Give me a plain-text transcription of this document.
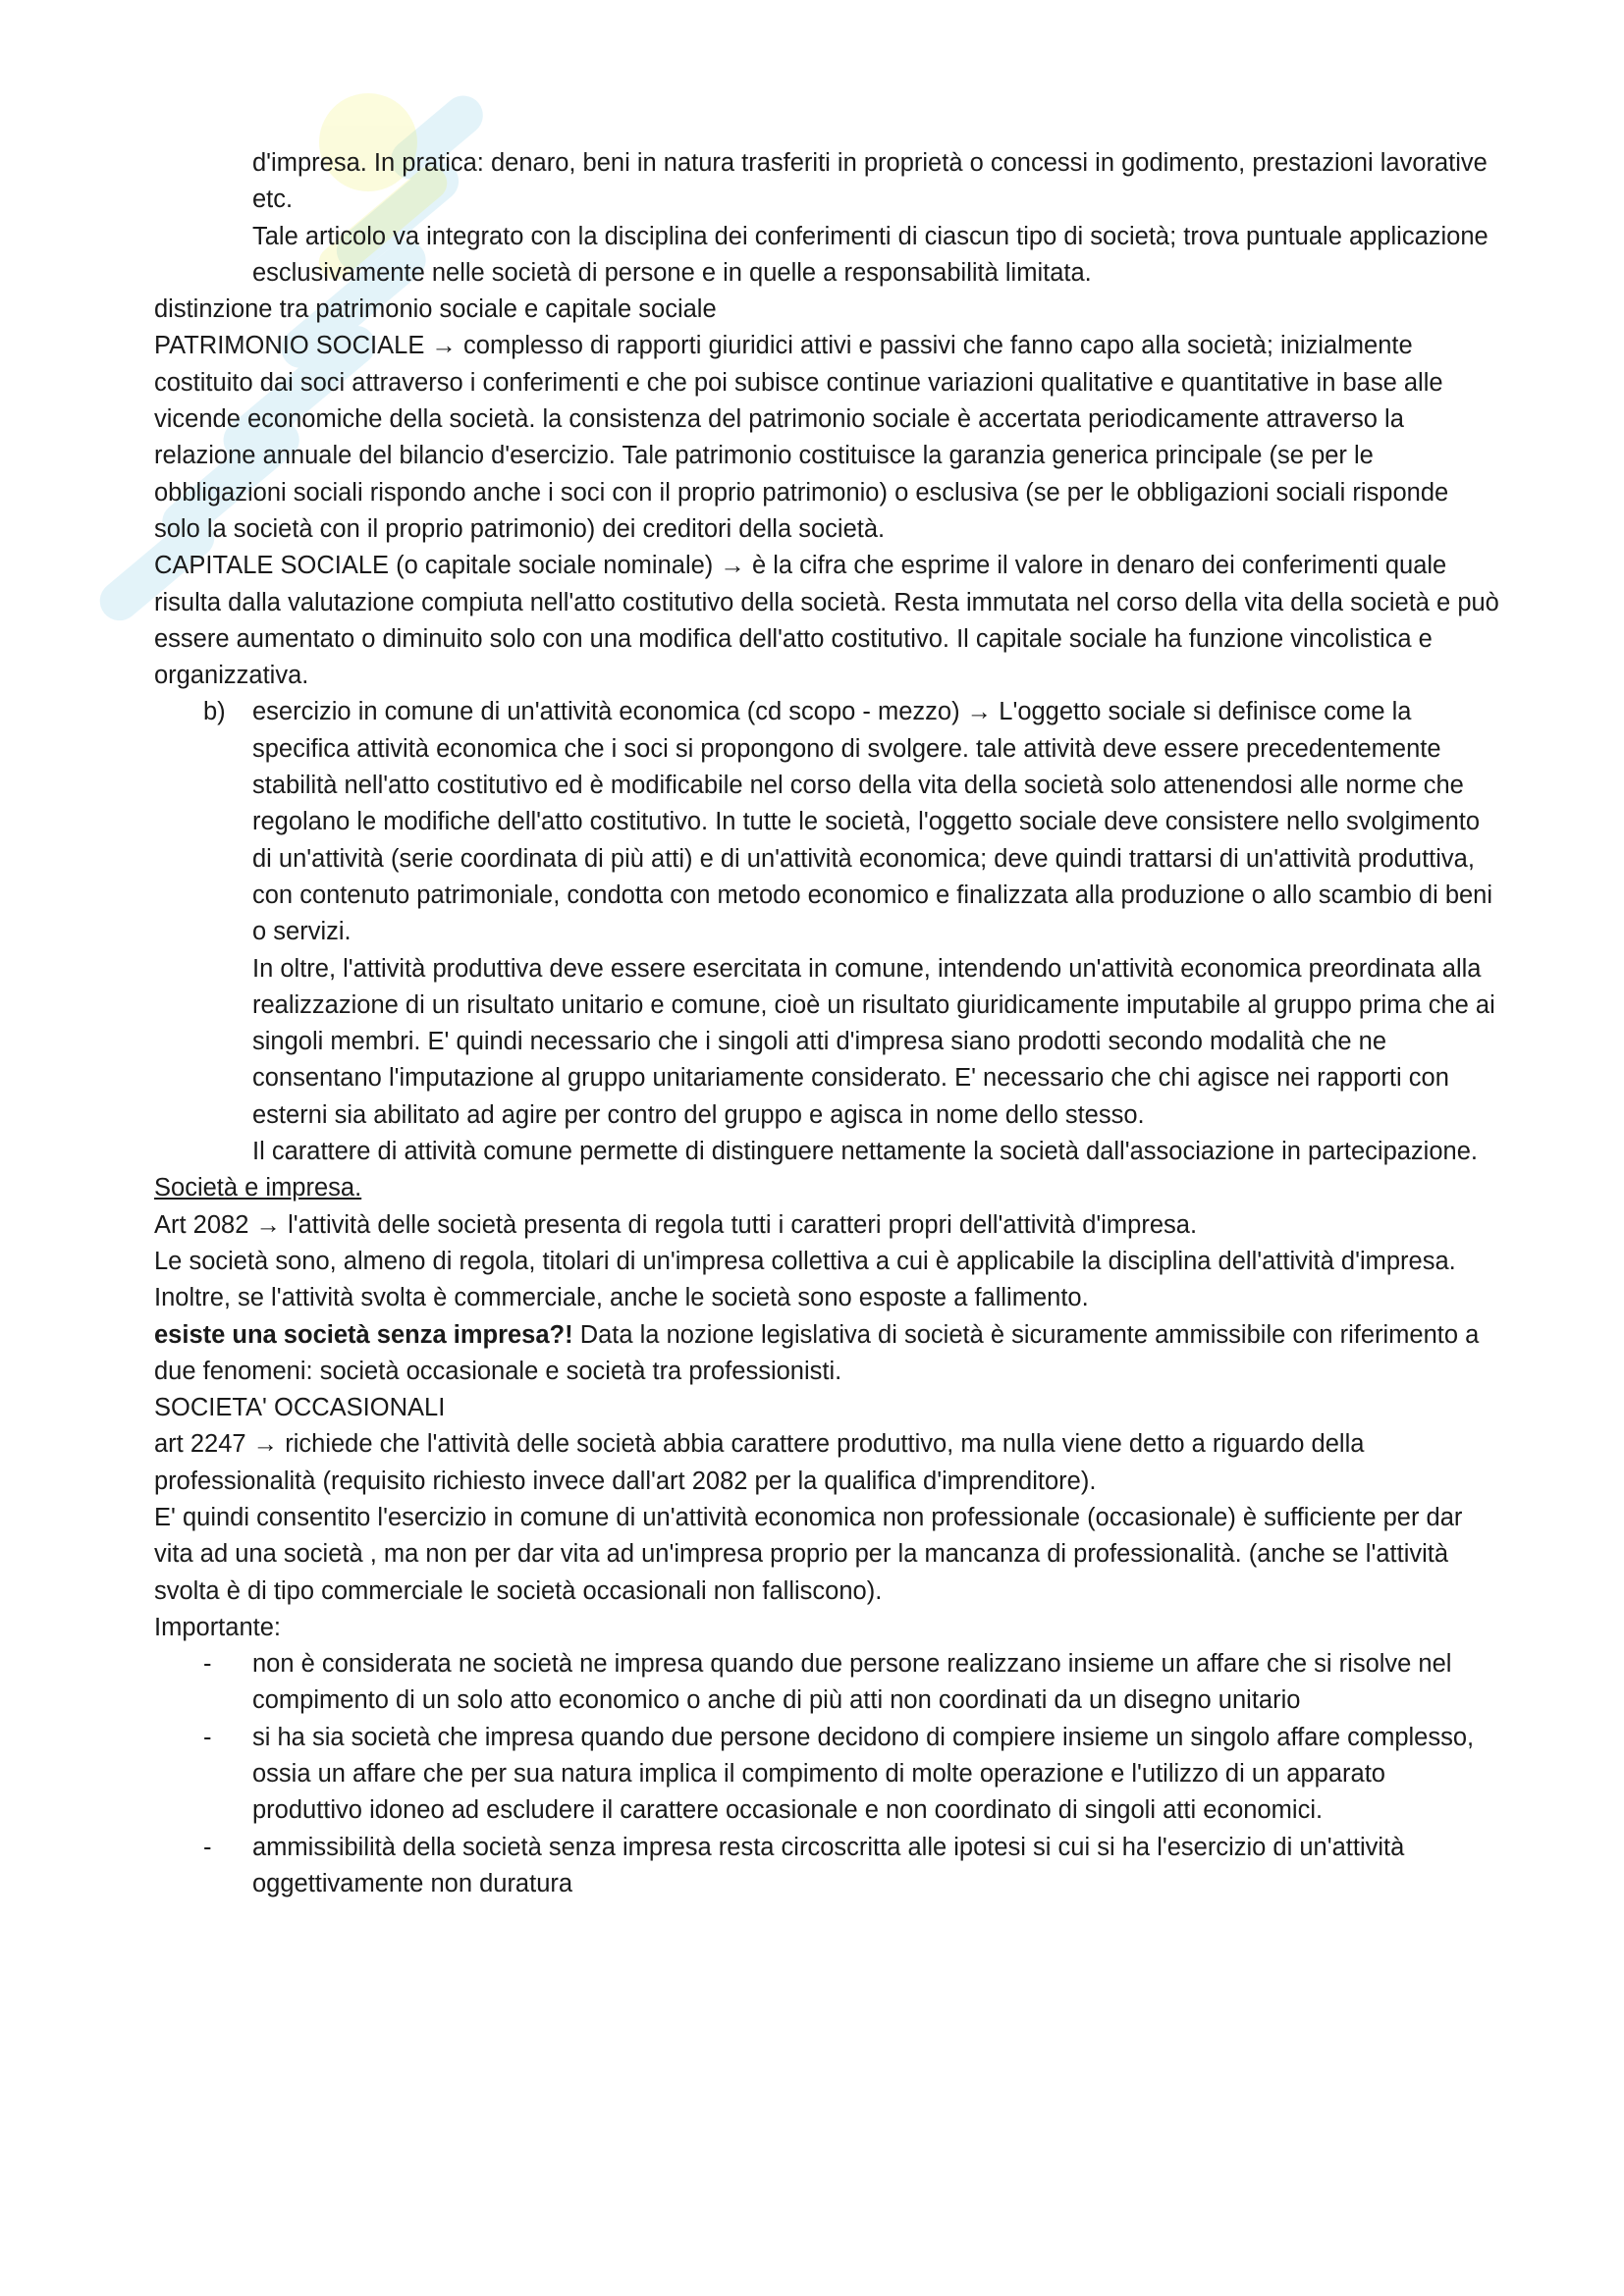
d'impresa. In pratica: denaro, beni in natura trasferiti in proprietà o concessi in godimento, prestazioni lavorative etc.

Tale articolo va integrato con la disciplina dei conferimenti di ciascun tipo di società; trova puntuale applicazione esclusivamente nelle società di persone e in quelle a responsabilità limitata.

distinzione tra patrimonio sociale e capitale sociale

PATRIMONIO SOCIALE → complesso di rapporti giuridici attivi e passivi che fanno capo alla società; inizialmente costituito dai soci attraverso i conferimenti e che poi subisce continue variazioni qualitative e quantitative in base alle vicende economiche della società. la consistenza del patrimonio sociale è accertata periodicamente attraverso la relazione annuale del bilancio d'esercizio. Tale patrimonio costituisce la garanzia generica principale (se per le obbligazioni sociali rispondo anche i soci con il proprio patrimonio) o esclusiva (se per le obbligazioni sociali risponde solo la società con il proprio patrimonio) dei creditori della società.

CAPITALE SOCIALE (o capitale sociale nominale) → è la cifra che esprime il valore in denaro dei conferimenti quale risulta dalla valutazione compiuta nell'atto costitutivo della società. Resta immutata nel corso della vita della società e può essere aumentato o diminuito solo con una modifica dell'atto costitutivo. Il capitale sociale ha funzione vincolistica e organizzativa.

b)	esercizio in comune di un'attività economica (cd scopo - mezzo) → L'oggetto sociale si definisce come la specifica attività economica che i soci si propongono di svolgere. tale attività deve essere precedentemente stabilità nell'atto costitutivo ed è modificabile nel corso della vita della società solo attenendosi alle norme che regolano le modifiche dell'atto costitutivo. In tutte le società, l'oggetto sociale deve consistere nello svolgimento di un'attività (serie coordinata di più atti) e di un'attività economica; deve quindi trattarsi di un'attività produttiva, con contenuto patrimoniale, condotta con metodo economico e finalizzata alla produzione o allo scambio di beni o servizi.

In oltre, l'attività produttiva deve essere esercitata in comune, intendendo un'attività economica preordinata alla realizzazione di un risultato unitario e comune, cioè un risultato giuridicamente imputabile al gruppo prima che ai singoli membri. E' quindi necessario che i singoli atti d'impresa siano prodotti secondo modalità che ne consentano l'imputazione al gruppo unitariamente considerato. E' necessario che chi agisce nei rapporti con esterni sia abilitato ad agire per contro del gruppo e agisca in nome dello stesso.

Il carattere di attività comune permette di distinguere nettamente la società dall'associazione in partecipazione.

Società e impresa.

Art 2082 → l'attività delle società presenta di regola tutti i caratteri propri dell'attività d'impresa.

Le società sono, almeno di regola, titolari di un'impresa collettiva a cui è applicabile la disciplina dell'attività d'impresa. Inoltre, se l'attività svolta è commerciale, anche le società sono esposte a fallimento.

esiste una società senza impresa?! Data la nozione legislativa di società è sicuramente ammissibile con riferimento a due fenomeni: società occasionale e società tra professionisti.

SOCIETA' OCCASIONALI

art 2247 → richiede che l'attività delle società abbia carattere produttivo, ma nulla viene detto a riguardo della professionalità (requisito richiesto invece dall'art 2082 per la qualifica d'imprenditore).

E' quindi consentito l'esercizio in comune di un'attività economica non professionale (occasionale) è sufficiente per dar vita ad una società , ma non per dar vita ad un'impresa proprio per la mancanza di professionalità. (anche se l'attività svolta è di tipo commerciale le società occasionali non falliscono).

Importante:

-	non è considerata ne società ne impresa quando due persone realizzano insieme un affare che si risolve nel compimento di un solo atto economico o anche di più atti non coordinati da un disegno unitario

-	si ha sia società che impresa quando due persone decidono di compiere insieme un singolo affare complesso, ossia un affare che per sua natura implica il compimento di molte operazione e l'utilizzo di un apparato produttivo idoneo ad escludere il carattere occasionale e non coordinato di singoli atti economici.

-	ammissibilità della società senza impresa resta circoscritta alle ipotesi si cui si ha l'esercizio di un'attività oggettivamente non duratura
